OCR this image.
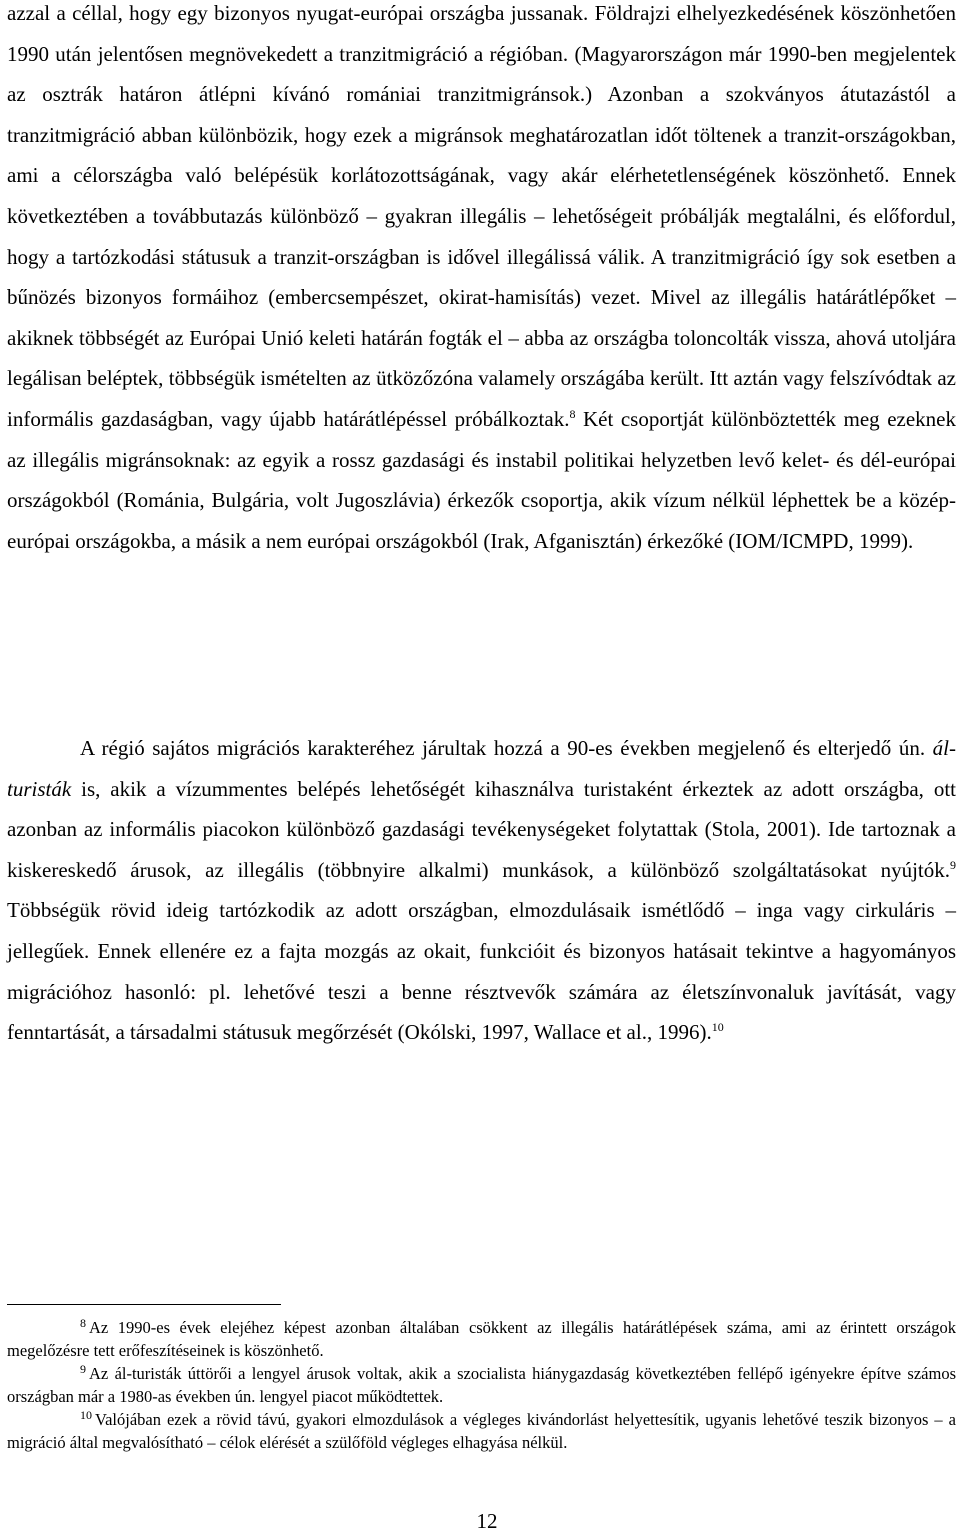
azzal a céllal, hogy egy bizonyos nyugat-európai országba jussanak. Földrajzi elhelyezkedésének köszönhetően 1990 után jelentősen megnövekedett a tranzitmigráció a régióban. (Magyarországon már 1990-ben megjelentek az osztrák határon átlépni kívánó romániai tranzitmigránsok.) Azonban a szokványos átutazástól a tranzitmigráció abban különbözik, hogy ezek a migránsok meghatározatlan időt töltenek a tranzit-országokban, ami a célországba való belépésük korlátozottságának, vagy akár elérhetetlenségének köszönhető. Ennek következtében a továbbutazás különböző – gyakran illegális – lehetőségeit próbálják megtalálni, és előfordul, hogy a tartózkodási státusuk a tranzit-országban is idővel illegálissá válik. A tranzitmigráció így sok esetben a bűnözés bizonyos formáihoz (embercsempészet, okirat-hamisítás) vezet. Mivel az illegális határátlépőket – akiknek többségét az Európai Unió keleti határán fogták el – abba az országba toloncolták vissza, ahová utoljára legálisan beléptek, többségük ismételten az ütközőzóna valamely országába került. Itt aztán vagy felszívódtak az informális gazdaságban, vagy újabb határátlépéssel próbálkoztak.$^8$ Két csoportját különböztették meg ezeknek az illegális migránsoknak: az egyik a rossz gazdasági és instabil politikai helyzetben levő kelet- és dél-európai országokból (Románia, Bulgária, volt Jugoszlávia) érkezők csoportja, akik vízum nélkül léphettek be a közép-európai országokba, a másik a nem európai országokból (Irak, Afganisztán) érkezőké (IOM/ICMPD, 1999).

A régió sajátos migrációs karakteréhez járultak hozzá a 90-es években megjelenő és elterjedő ún. ál-turisták is, akik a vízummentes belépés lehetőségét kihasználva turistaként érkeztek az adott országba, ott azonban az informális piacokon különböző gazdasági tevékenységeket folytattak (Stola, 2001). Ide tartoznak a kiskereskedő árusok, az illegális (többnyire alkalmi) munkások, a különböző szolgáltatásokat nyújtók.$^9$ Többségük rövid ideig tartózkodik az adott országban, elmozdulásaik ismétlődő – inga vagy cirkuláris – jellegűek. Ennek ellenére ez a fajta mozgás az okait, funkcióit és bizonyos hatásait tekintve a hagyományos migrációhoz hasonló: pl. lehetővé teszi a benne résztvevők számára az életszínvonaluk javítását, vagy fenntartását, a társadalmi státusuk megőrzését (Okólski, 1997, Wallace et al., 1996).$^{10}$

$^8$ Az 1990-es évek elejéhez képest azonban általában csökkent az illegális határátlépések száma, ami az érintett országok megelőzésre tett erőfeszítéseinek is köszönhető.

$^9$ Az ál-turisták úttörői a lengyel árusok voltak, akik a szocialista hiánygazdaság következtében fellépő igényekre építve számos országban már a 1980-as években ún. lengyel piacot működtettek.

$^{10}$ Valójában ezek a rövid távú, gyakori elmozdulások a végleges kivándorlást helyettesítik, ugyanis lehetővé teszik bizonyos – a migráció által megvalósítható – célok elérését a szülőföld végleges elhagyása nélkül.

12
